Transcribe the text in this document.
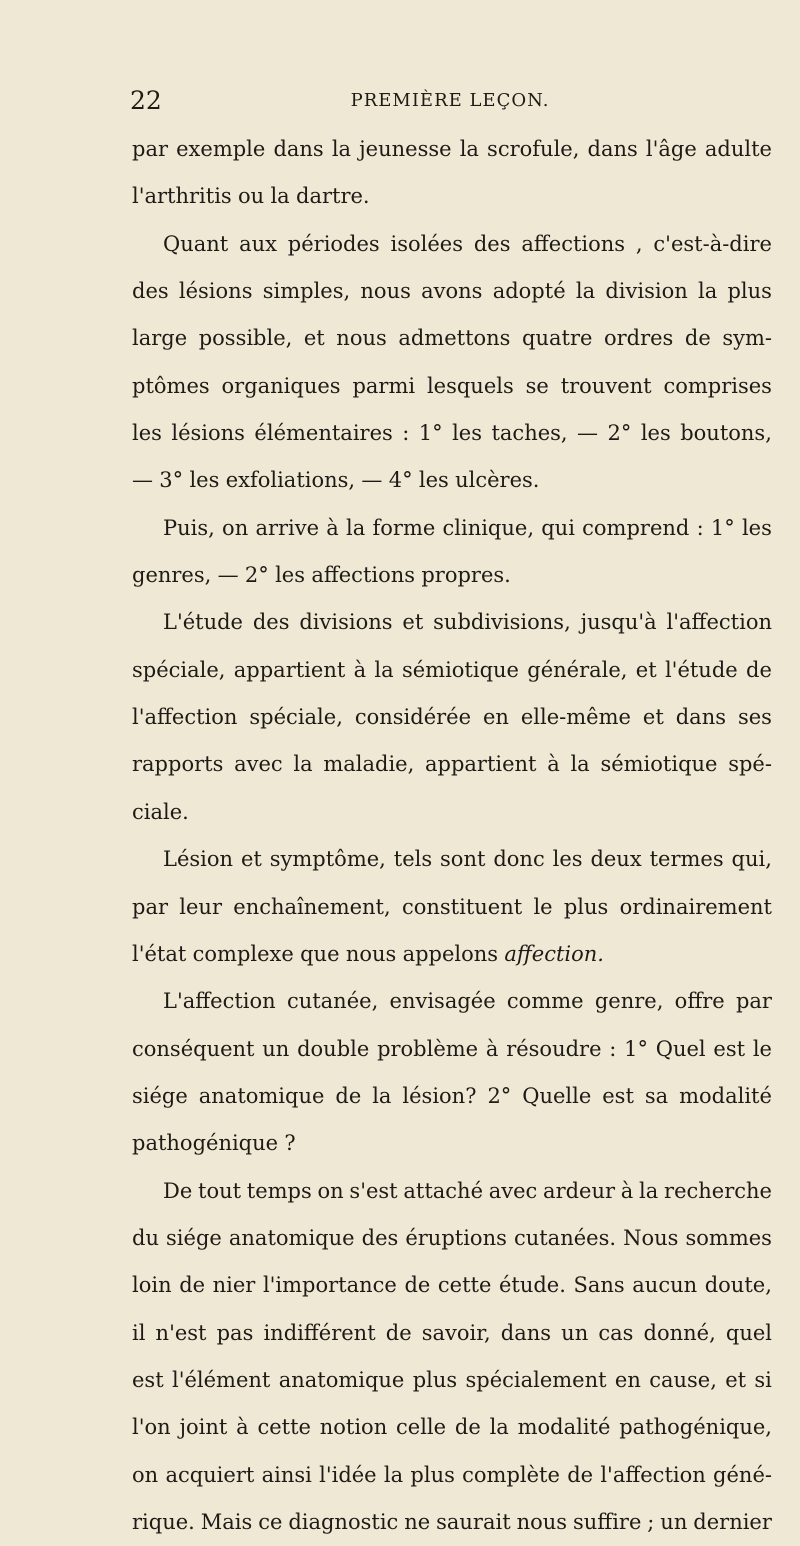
22	PREMIÈRE LEÇON.
par exemple dans la jeunesse la scrofule, dans l'âge adulte
l'arthritis ou la dartre.
Quant aux périodes isolées des affections , c'est-à-dire
des lésions simples, nous avons adopté la division la plus
large possible, et nous admettons quatre ordres de sym-
ptômes organiques parmi lesquels se trouvent comprises
les lésions élémentaires : 1° les taches, — 2° les boutons,
— 3° les exfoliations, — 4° les ulcères.
Puis, on arrive à la forme clinique, qui comprend : 1° les
genres, — 2° les affections propres.
L'étude des divisions et subdivisions, jusqu'à l'affection
spéciale, appartient à la sémiotique générale, et l'étude de
l'affection spéciale, considérée en elle-même et dans ses
rapports avec la maladie, appartient à la sémiotique spé-
ciale.
Lésion et symptôme, tels sont donc les deux termes qui,
par leur enchaînement, constituent le plus ordinairement
l'état complexe que nous appelons affection.
L'affection cutanée, envisagée comme genre, offre par
conséquent un double problème à résoudre : 1° Quel est le
siége anatomique de la lésion? 2° Quelle est sa modalité
pathogénique ?
De tout temps on s'est attaché avec ardeur à la recherche
du siége anatomique des éruptions cutanées. Nous sommes
loin de nier l'importance de cette étude. Sans aucun doute,
il n'est pas indifférent de savoir, dans un cas donné, quel
est l'élément anatomique plus spécialement en cause, et si
l'on joint à cette notion celle de la modalité pathogénique,
on acquiert ainsi l'idée la plus complète de l'affection géné-
rique. Mais ce diagnostic ne saurait nous suffire ; un dernier
